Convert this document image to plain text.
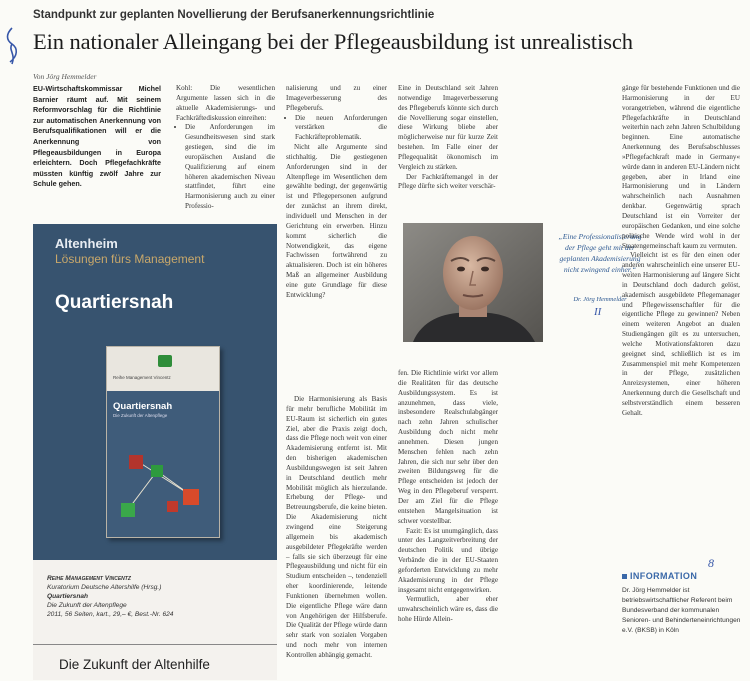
Standpunkt zur geplanten Novellierung der Berufsanerkennungsrichtlinie
Ein nationaler Alleingang bei der Pflegeausbildung ist unrealistisch
Von Jörg Hemmelder
EU-Wirtschaftskommissar Michel Barnier räumt auf. Mit seinem Reformvorschlag für die Richtlinie zur automatischen Anerkennung von Berufsqualifikationen will er die Anerkennung von Pflegeausbildungen in Europa erleichtern. Doch Pflegefachkräfte müssten künftig zwölf Jahre zur Schule gehen.

Kohl: Die wesentlichen Argumente lassen sich in die aktuelle Akademisierungs- und Fachkräftediskussion einreihen:

• Die Anforderungen im Gesundheitswesen sind stark gestiegen, sind die im europäischen Ausland die Qualifizierung auf einem höheren akademischen Niveau stattfindet, führt eine Harmonisierung auch zu einer Professio-

nalisierung und zu einer Imageverbesserung des Pflegeberufs.

• Die neuen Anforderungen verstärken die Fachkräfteproblematik.

Nicht alle Argumente sind stichhaltig. Die gestiegenen Anforderungen sind in der Altenpflege im Wesentlichen dem gewählte bedingt, der gegenwärtig ist und Pflegepersonen aufgrund der zunächst an ihrem direkt, individuell und Menschen in der Gerichtung ein erwerben. Hinzu kommt sicherlich die Notwendigkeit, das eigene Fachwissen fortwährend zu aktualisieren. Doch ist ein höheres Maß an allgemeiner Ausbildung eine gute Grundlage für diese Entwicklung?

Die Harmonisierung als Basis für mehr berufliche Mobilität im EU-Raum ist sicherlich ein gutes Ziel, aber die Praxis zeigt doch, dass die Pflege noch weit von einer Akademisierung entfernt ist. Mit den bisherigen akademischen Ausbildungswegen ist seit Jahren in Deutschland deutlich mehr Mobilität möglich als hierzulande. Erhebung der Pflege- und Betreuungsberufe, die keine bieten. Die Akademisierung nicht zwingend eine Steigerung allgemein bis akademisch ausgebildeter Pflegekräfte werden – falls sie sich überzeugt für eine Pflegeausbildung und nicht für ein Studium entscheiden –, tendenziell eher koordinierende, leitende Funktionen übernehmen wollen. Die eigentliche Pflege wäre dann von Angehörigen der Hilfsberufe. Die Qualität der Pflege würde dann sehr stark von sozialen Vorgaben und noch mehr von internen Kontrollen abhängig gemacht.

Eine in Deutschland seit Jahren notwendige Imageverbesserung des Pflegeberufs könnte sich durch die Novellierung sogar einstellen, diese Wirkung bliebe aber möglicherweise nur für kurze Zeit bestehen. Im Falle einer der Pflegequalität ökonomisch im Vergleich zu stärken.

Der Fachkräftemangel in der Pflege dürfte sich weiter verschär-

„Eine Professionalisierung der Pflege geht mit der geplanten Akademisierung nicht zwingend einher.“
Dr. Jörg Hemmelder
II

fen. Die Richtlinie wirkt vor allem die Realitäten für das deutsche Ausbildungssystem. Es ist anzunehmen, dass viele, insbesondere Realschulabgänger nach zehn Jahren schulischer Ausbildung doch nicht mehr annehmen. Diesen jungen Menschen fehlen nach zehn Jahren, die sich nur sehr über den zweiten Bildungsweg für die Pflege entscheiden ist jedoch der Weg in den Pflegeberuf versperrt. Der am Ziel für die Pflege entstehen Mangelsituation ist schwer vorstellbar.

Fazit: Es ist unumgänglich, dass unter des Langzeitverbreitung der deutschen Politik und übrige Verbände die in der EU-Staaten geforderten Entwicklung zu mehr Akademisierung in der Pflege insgesamt nicht entgegenwirken.

Vermutlich, aber eher unwahrscheinlich wäre es, dass die hohe Hürde Allein-

gänge für bestehende Funktionen und die Harmonisierung in der EU vorangetrieben, während die eigentliche Pflegefachkräfte in Deutschland weiterhin nach zehn Jahren Schulbildung beginnen. Eine automatische Anerkennung des Berufsabschlusses »Pflegefachkraft made in Germany« würde dann in anderen EU-Ländern nicht gegeben, aber in Irland eine Harmonisierung und in Ländern wahrscheinlich nach Ausnahmen denkbar. Gegenwärtig sprach Deutschland ist ein Vorreiter der europäischen Gedanken, und eine solche politische Wende wird wohl in der Staatengemeinschaft kaum zu vermuten.

Vielleicht ist es für den einen oder anderen wahrscheinlich eine unserer EU-weiten Harmonisierung auf längere Sicht in Deutschland doch dadurch gelöst, akademisch ausgebildete Pflegemanager und Pflegewissenschaftler für die eigentliche Pflege zu gewinnen? Neben einem weiteren Angebot an dualen Studiengängen gilt es zu untersuchen, welche Motivationsfaktoren dazu geeignet sind, schließlich ist es im Zusammenspiel mit mehr Kompetenzen in der Pflege, zusätzlichen Anreizsystemen, einer höheren Anerkennung durch die Gesellschaft und selbstverständlich einem besseren Gehalt.

8
INFORMATION
Dr. Jörg Hemmelder ist betriebswirtschaftlicher Referent beim Bundesverband der kommunalen Senioren- und Behinderteneinrichtungen e.V. (BKSB) in Köln
Altenheim
Lösungen fürs Management
Quartiersnah
Reihe Management Vincentz
Quartiersnah
Die Zukunft der Altenpflege
Reihe Management Vincentz
Kuratorium Deutsche Altershilfe (Hrsg.)
Quartiersnah
Die Zukunft der Altenpflege
2011, 56 Seiten, kart., 29,– €, Best.-Nr. 624
Die Zukunft der Altenhilfe
